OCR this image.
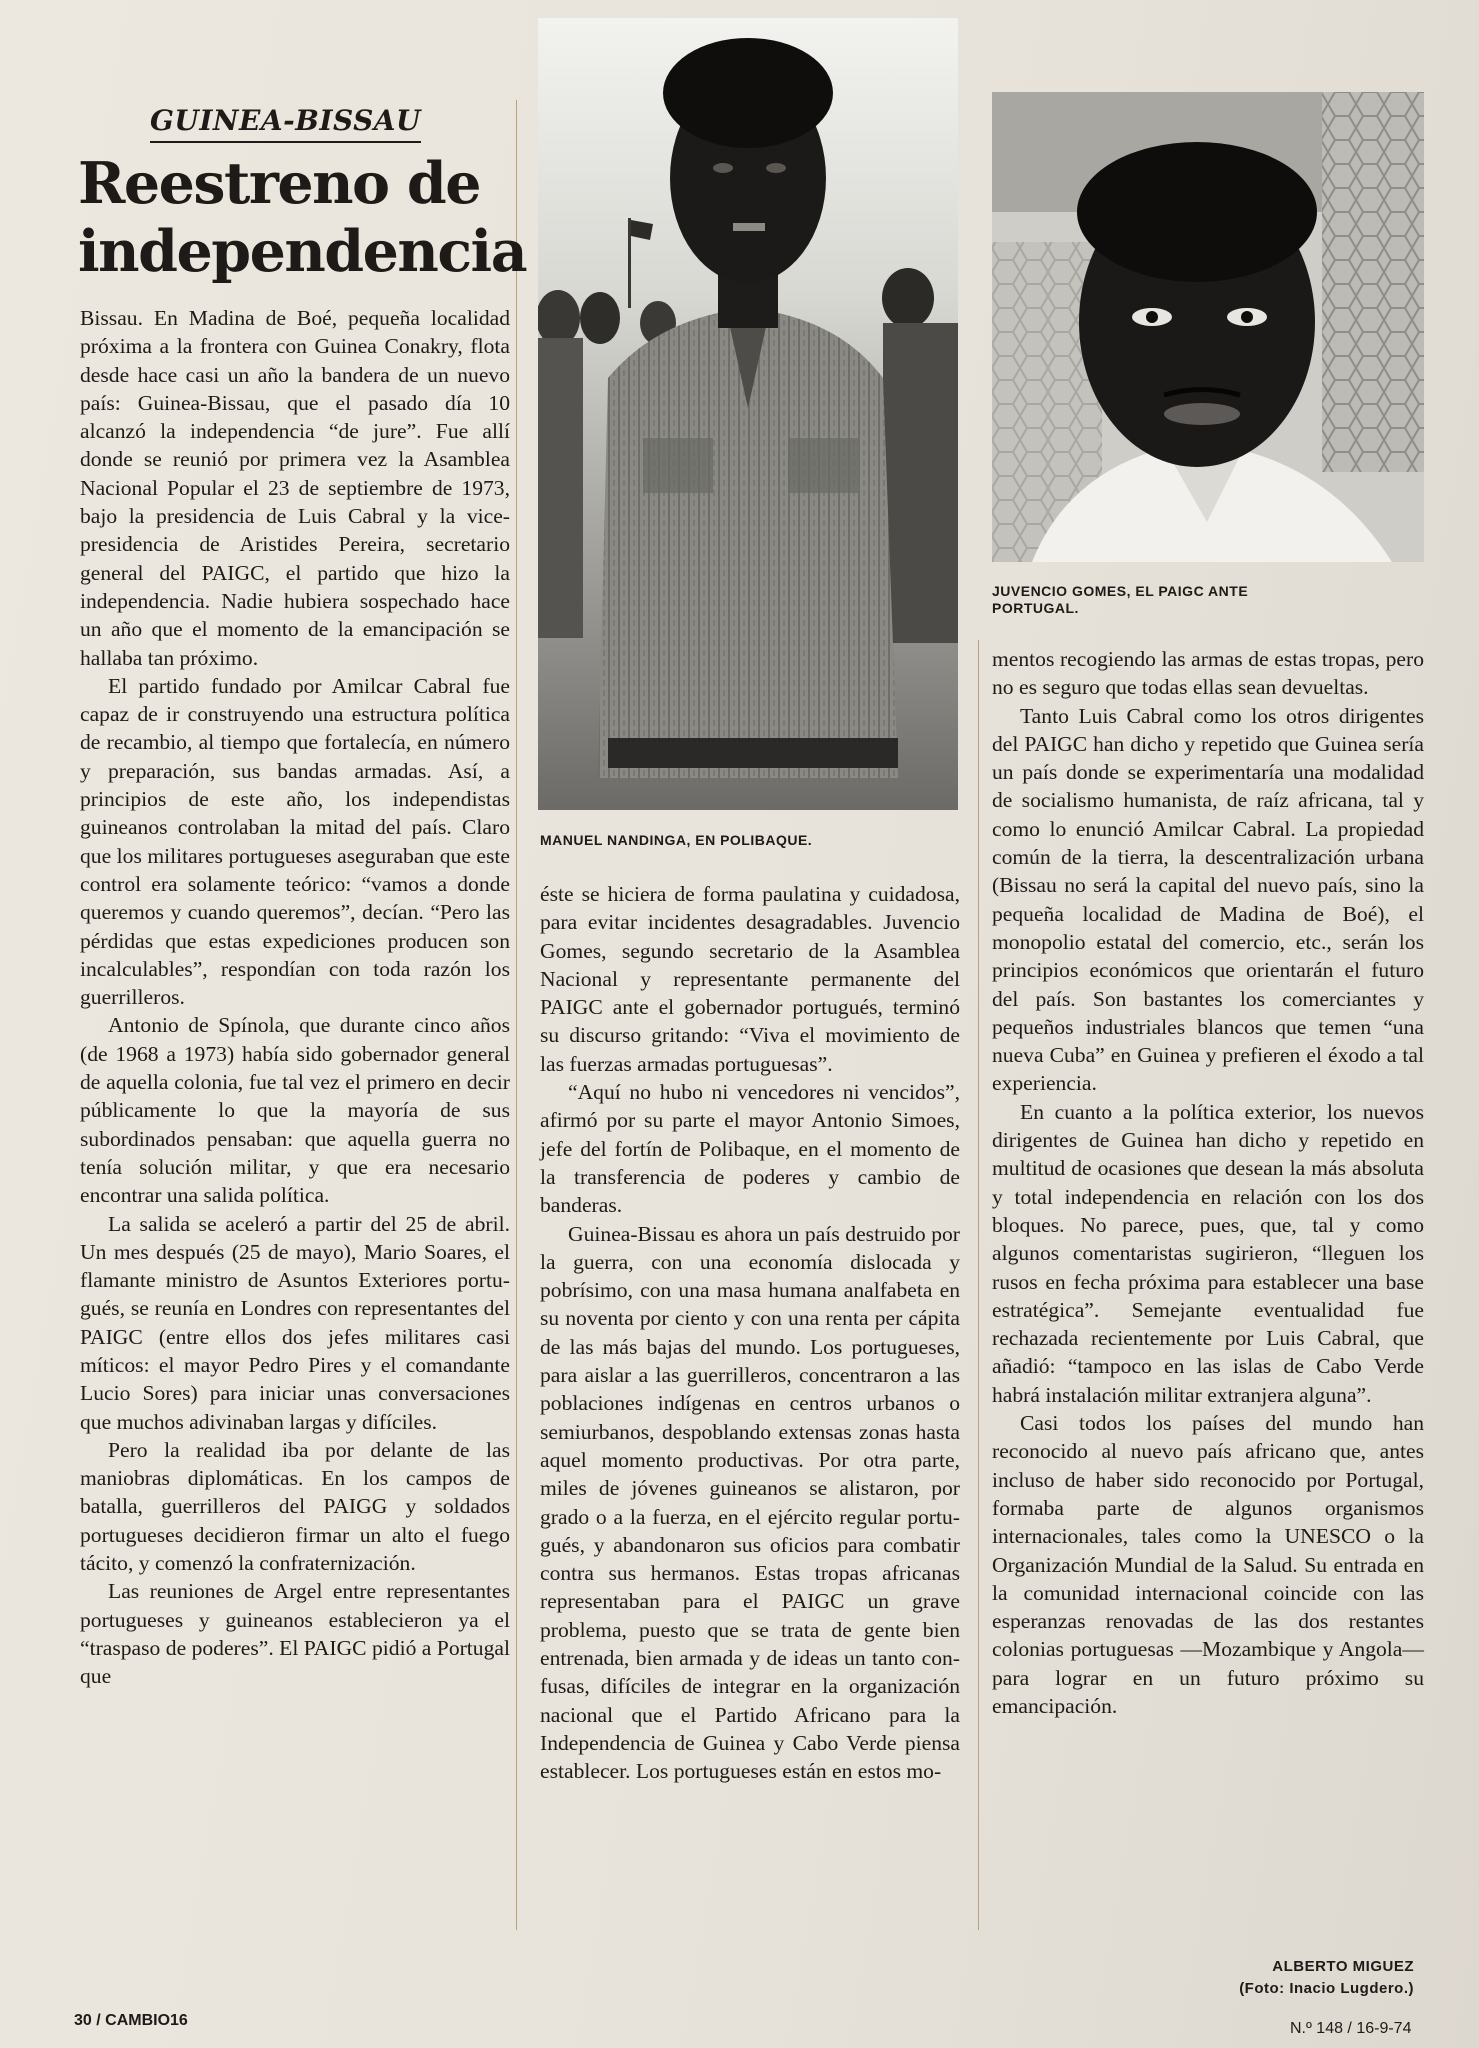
GUINEA-BISSAU
Reestreno de independencia
MANUEL NANDINGA, EN POLIBAQUE.
JUVENCIO GOMES, EL PAIGC ANTE PORTUGAL.

Bissau. En Madina de Boé, pequeña localidad próxima a la frontera con Guinea Conakry, flota desde hace casi un año la bandera de un nuevo país: Guinea-Bissau, que el pasado día 10 alcanzó la independencia “de jure”. Fue allí donde se reunió por primera vez la Asamblea Nacional Popular el 23 de septiembre de 1973, bajo la presidencia de Luis Cabral y la vicepresidencia de Aristides Pereira, secretario general del PAIGC, el partido que hizo la independencia. Nadie hubiera sospechado hace un año que el momento de la emancipación se hallaba tan próximo.

El partido fundado por Amilcar Cabral fue capaz de ir construyendo una estructura política de recambio, al tiempo que fortalecía, en número y preparación, sus bandas armadas. Así, a principios de este año, los independistas guineanos controlaban la mitad del país. Claro que los militares portugueses aseguraban que este control era solamente teórico: “vamos a donde queremos y cuando queremos”, decían. “Pero las pérdidas que estas expediciones producen son incalculables”, respondían con toda razón los guerrilleros.

Antonio de Spínola, que durante cinco años (de 1968 a 1973) había sido gobernador general de aquella colonia, fue tal vez el primero en decir públicamente lo que la mayoría de sus subordinados pensaban: que aquella guerra no tenía solución militar, y que era necesario encontrar una salida política.

La salida se aceleró a partir del 25 de abril. Un mes después (25 de mayo), Mario Soares, el flamante ministro de Asuntos Exteriores portugués, se reunía en Londres con representantes del PAIGC (entre ellos dos jefes militares casi míticos: el mayor Pedro Pires y el comandante Lucio Sores) para iniciar unas conversaciones que muchos adivinaban largas y difíciles.

Pero la realidad iba por delante de las maniobras diplomáticas. En los campos de batalla, guerrilleros del PAIGG y soldados portugueses decidieron firmar un alto el fuego tácito, y comenzó la confraternización.

Las reuniones de Argel entre representantes portugueses y guineanos establecieron ya el “traspaso de poderes”. El PAIGC pidió a Portugal que

éste se hiciera de forma paulatina y cuidadosa, para evitar incidentes desagradables. Juvencio Gomes, segundo secretario de la Asamblea Nacional y representante permanente del PAIGC ante el gobernador portugués, terminó su discurso gritando: “Viva el movimiento de las fuerzas armadas portuguesas”.

“Aquí no hubo ni vencedores ni vencidos”, afirmó por su parte el mayor Antonio Simoes, jefe del fortín de Polibaque, en el momento de la transferencia de poderes y cambio de banderas.

Guinea-Bissau es ahora un país destruido por la guerra, con una economía dislocada y pobrísimo, con una masa humana analfabeta en su noventa por ciento y con una renta per cápita de las más bajas del mundo. Los portugueses, para aislar a las guerrilleros, concentraron a las poblaciones indígenas en centros urbanos o semiurbanos, despoblando extensas zonas hasta aquel momento productivas. Por otra parte, miles de jóvenes guineanos se alistaron, por grado o a la fuerza, en el ejército regular portugués, y abandonaron sus oficios para combatir contra sus hermanos. Estas tropas africanas representaban para el PAIGC un grave problema, puesto que se trata de gente bien entrenada, bien armada y de ideas un tanto confusas, difíciles de integrar en la organización nacional que el Partido Africano para la Independencia de Guinea y Cabo Verde piensa establecer. Los portugueses están en estos mo-

mentos recogiendo las armas de estas tropas, pero no es seguro que todas ellas sean devueltas.

Tanto Luis Cabral como los otros dirigentes del PAIGC han dicho y repetido que Guinea sería un país donde se experimentaría una modalidad de socialismo humanista, de raíz africana, tal y como lo enunció Amilcar Cabral. La propiedad común de la tierra, la descentralización urbana (Bissau no será la capital del nuevo país, sino la pequeña localidad de Madina de Boé), el monopolio estatal del comercio, etc., serán los principios económicos que orientarán el futuro del país. Son bastantes los comerciantes y pequeños industriales blancos que temen “una nueva Cuba” en Guinea y prefieren el éxodo a tal experiencia.

En cuanto a la política exterior, los nuevos dirigentes de Guinea han dicho y repetido en multitud de ocasiones que desean la más absoluta y total independencia en relación con los dos bloques. No parece, pues, que, tal y como algunos comentaristas sugirieron, “lleguen los rusos en fecha próxima para establecer una base estratégica”. Semejante eventualidad fue rechazada recientemente por Luis Cabral, que añadió: “tampoco en las islas de Cabo Verde habrá instalación militar extranjera alguna”.

Casi todos los países del mundo han reconocido al nuevo país africano que, antes incluso de haber sido reconocido por Portugal, formaba parte de algunos organismos internacionales, tales como la UNESCO o la Organización Mundial de la Salud. Su entrada en la comunidad internacional coincide con las esperanzas renovadas de las dos restantes colonias portuguesas —Mozambique y Angola— para lograr en un futuro próximo su emancipación.

ALBERTO MIGUEZ
(Foto: Inacio Lugdero.)
30 / CAMBIO16	N.º 148 / 16-9-74
